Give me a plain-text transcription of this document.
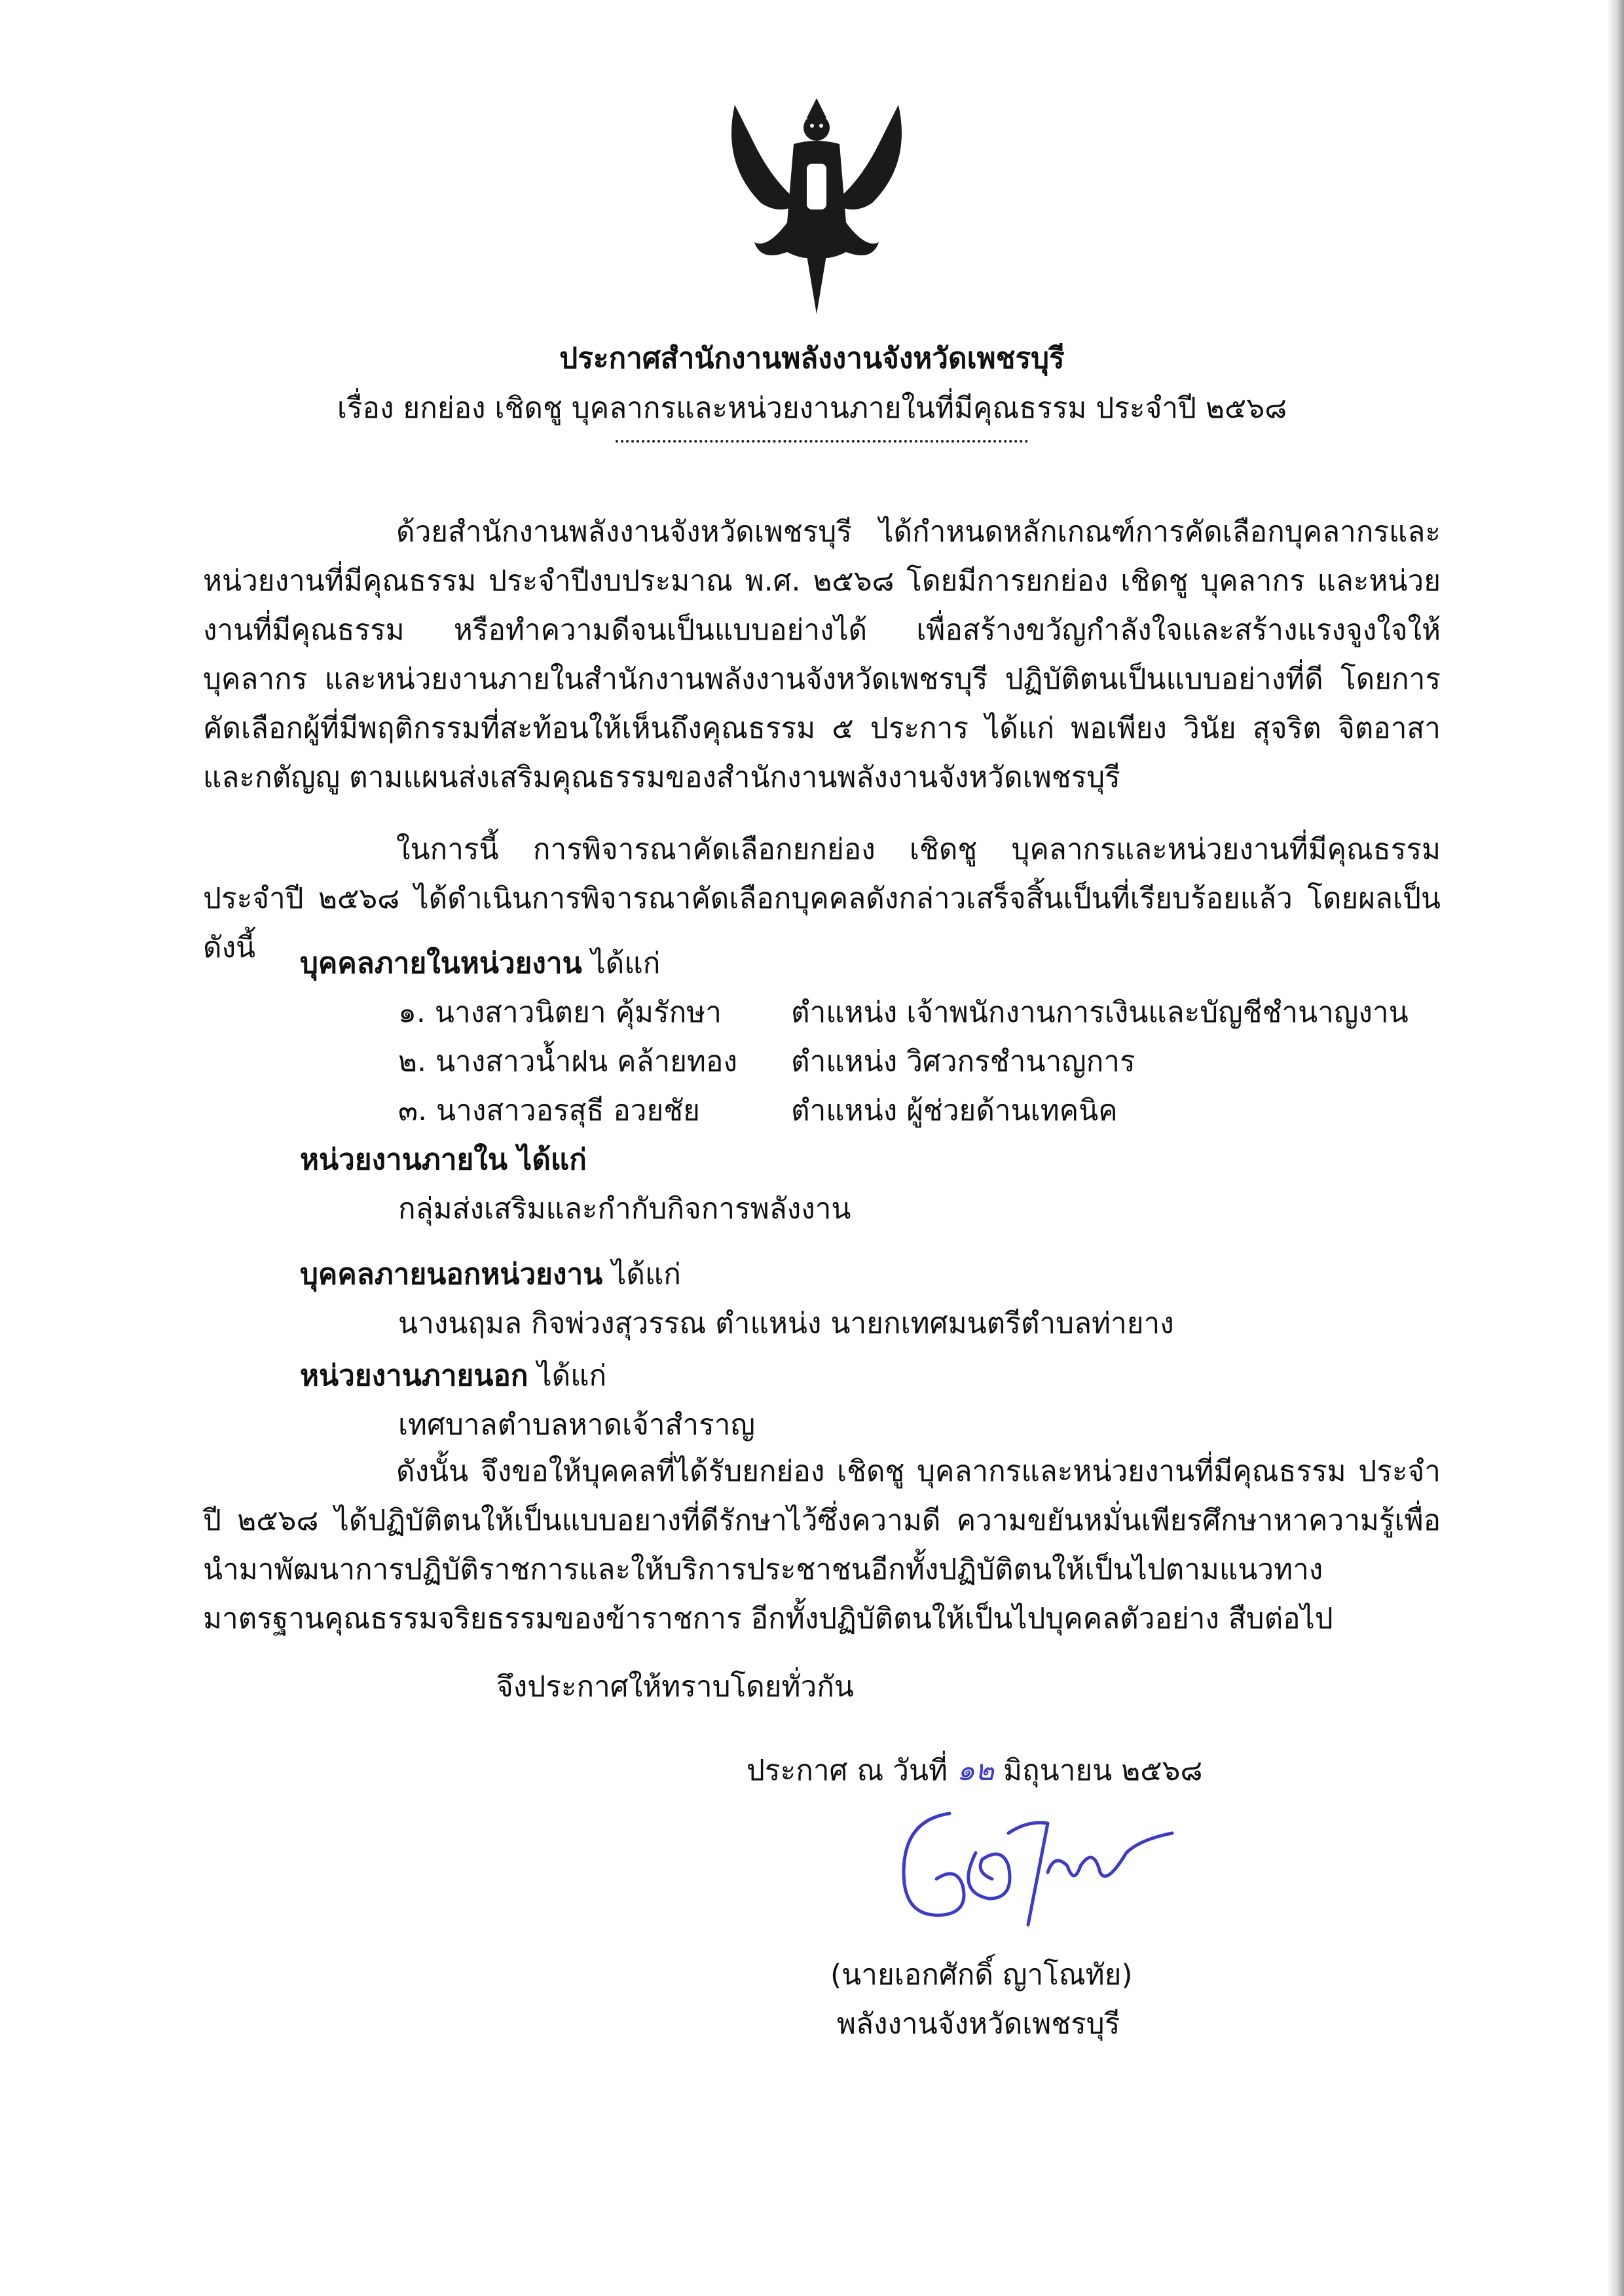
ประกาศสำนักงานพลังงานจังหวัดเพชรบุรี
เรื่อง ยกย่อง เชิดชู บุคลากรและหน่วยงานภายในที่มีคุณธรรม ประจำปี ๒๕๖๘
ด้วยสำนักงานพลังงานจังหวัดเพชรบุรี ได้กำหนดหลักเกณฑ์การคัดเลือกบุคลากรและหน่วยงานที่มีคุณธรรม ประจำปีงบประมาณ พ.ศ. ๒๕๖๘ โดยมีการยกย่อง เชิดชู บุคลากร และหน่วยงานที่มีคุณธรรม หรือทำความดีจนเป็นแบบอย่างได้ เพื่อสร้างขวัญกำลังใจและสร้างแรงจูงใจให้บุคลากร และหน่วยงานภายในสำนักงานพลังงานจังหวัดเพชรบุรี ปฏิบัติตนเป็นแบบอย่างที่ดี โดยการคัดเลือกผู้ที่มีพฤติกรรมที่สะท้อนให้เห็นถึงคุณธรรม ๕ ประการ ได้แก่ พอเพียง วินัย สุจริต จิตอาสา และกตัญญู ตามแผนส่งเสริมคุณธรรมของสำนักงานพลังงานจังหวัดเพชรบุรี
ในการนี้ การพิจารณาคัดเลือกยกย่อง เชิดชู บุคลากรและหน่วยงานที่มีคุณธรรม ประจำปี ๒๕๖๘ ได้ดำเนินการพิจารณาคัดเลือกบุคคลดังกล่าวเสร็จสิ้นเป็นที่เรียบร้อยแล้ว โดยผลเป็นดังนี้	บุคคลภายในหน่วยงาน ได้แก่
๑. นางสาวนิตยา คุ้มรักษา ตำแหน่ง เจ้าพนักงานการเงินและบัญชีชำนาญงาน
๒. นางสาวน้ำฝน คล้ายทอง ตำแหน่ง วิศวกรชำนาญการ
๓. นางสาวอรสุธี อวยชัย	ตำแหน่ง ผู้ช่วยด้านเทคนิค
หน่วยงานภายใน ได้แก่
กลุ่มส่งเสริมและกำกับกิจการพลังงาน
บุคคลภายนอกหน่วยงาน ได้แก่
นางนฤมล กิจพ่วงสุวรรณ ตำแหน่ง นายกเทศมนตรีตำบลท่ายาง
หน่วยงานภายนอก ได้แก่
เทศบาลตำบลหาดเจ้าสำราญ
ดังนั้น จึงขอให้บุคคลที่ได้รับยกย่อง เชิดชู บุคลากรและหน่วยงานที่มีคุณธรรม ประจำปี ๒๕๖๘ ได้ปฏิบัติตนให้เป็นแบบอยางที่ดีรักษาไว้ซึ่งความดี ความขยันหมั่นเพียรศึกษาหาความรู้เพื่อนำมาพัฒนาการปฏิบัติราชการและให้บริการประชาชนอีกทั้งปฏิบัติตนให้เป็นไปตามแนวทาง มาตรฐานคุณธรรมจริยธรรมของข้าราชการ อีกทั้งปฏิบัติตนให้เป็นไปบุคคลตัวอย่าง สืบต่อไป
จึงประกาศให้ทราบโดยทั่วกัน
ประกาศ ณ วันที่ ๑๒ มิถุนายน ๒๕๖๘
(นายเอกศักดิ์ ญาโณทัย)
พลังงานจังหวัดเพชรบุรี
